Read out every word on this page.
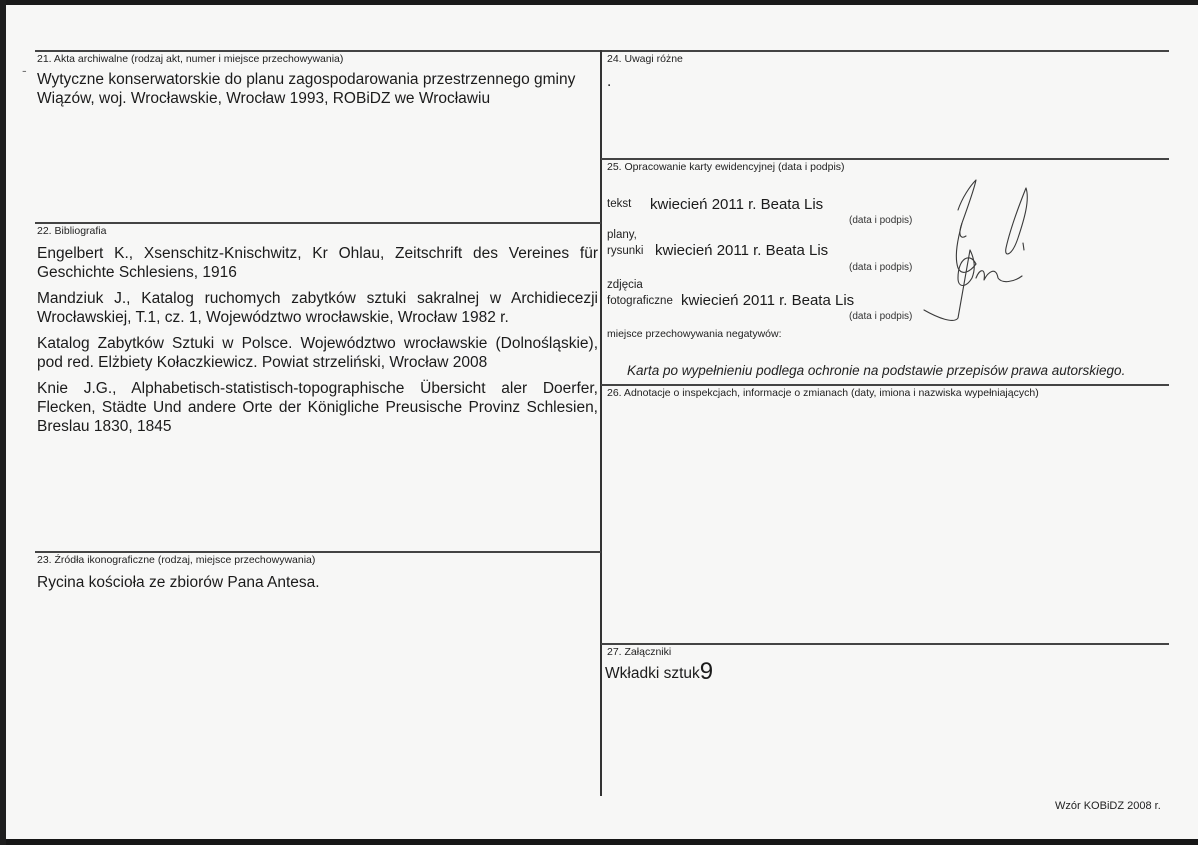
-
21. Akta archiwalne (rodzaj akt, numer i miejsce przechowywania)
Wytyczne konserwatorskie do planu zagospodarowania przestrzennego gminy Wiązów, woj. Wrocławskie, Wrocław 1993, ROBiDZ we Wrocławiu
22. Bibliografia
Engelbert K., Xsenschitz-Knischwitz, Kr Ohlau, Zeitschrift des Vereines für Geschichte Schlesiens, 1916
Mandziuk J., Katalog ruchomych zabytków sztuki sakralnej w Archidiecezji Wrocławskiej, T.1, cz. 1, Województwo wrocławskie, Wrocław 1982 r.
Katalog Zabytków Sztuki w Polsce. Województwo wrocławskie (Dolnośląskie), pod red. Elżbiety Kołaczkiewicz. Powiat strzeliński, Wrocław 2008
Knie J.G., Alphabetisch-statistisch-topographische Übersicht aler Doerfer, Flecken, Städte Und andere Orte der Königliche Preusische Provinz Schlesien, Breslau 1830, 1845
23. Źródła ikonograficzne (rodzaj, miejsce przechowywania)
Rycina kościoła ze zbiorów Pana Antesa.
24. Uwagi różne
.
25. Opracowanie karty ewidencyjnej (data i podpis)
tekst kwiecień 2011 r. Beata Lis
(data i podpis)
plany,
rysunki kwiecień 2011 r. Beata Lis
(data i podpis)
zdjęcia
fotograficzne kwiecień 2011 r. Beata Lis
(data i podpis)
miejsce przechowywania negatywów:
Karta po wypełnieniu podlega ochronie na podstawie przepisów prawa autorskiego.
26. Adnotacje o inspekcjach, informacje o zmianach (daty, imiona i nazwiska wypełniających)
27. Załączniki
Wkładki sztuk9
Wzór KOBiDZ 2008 r.
